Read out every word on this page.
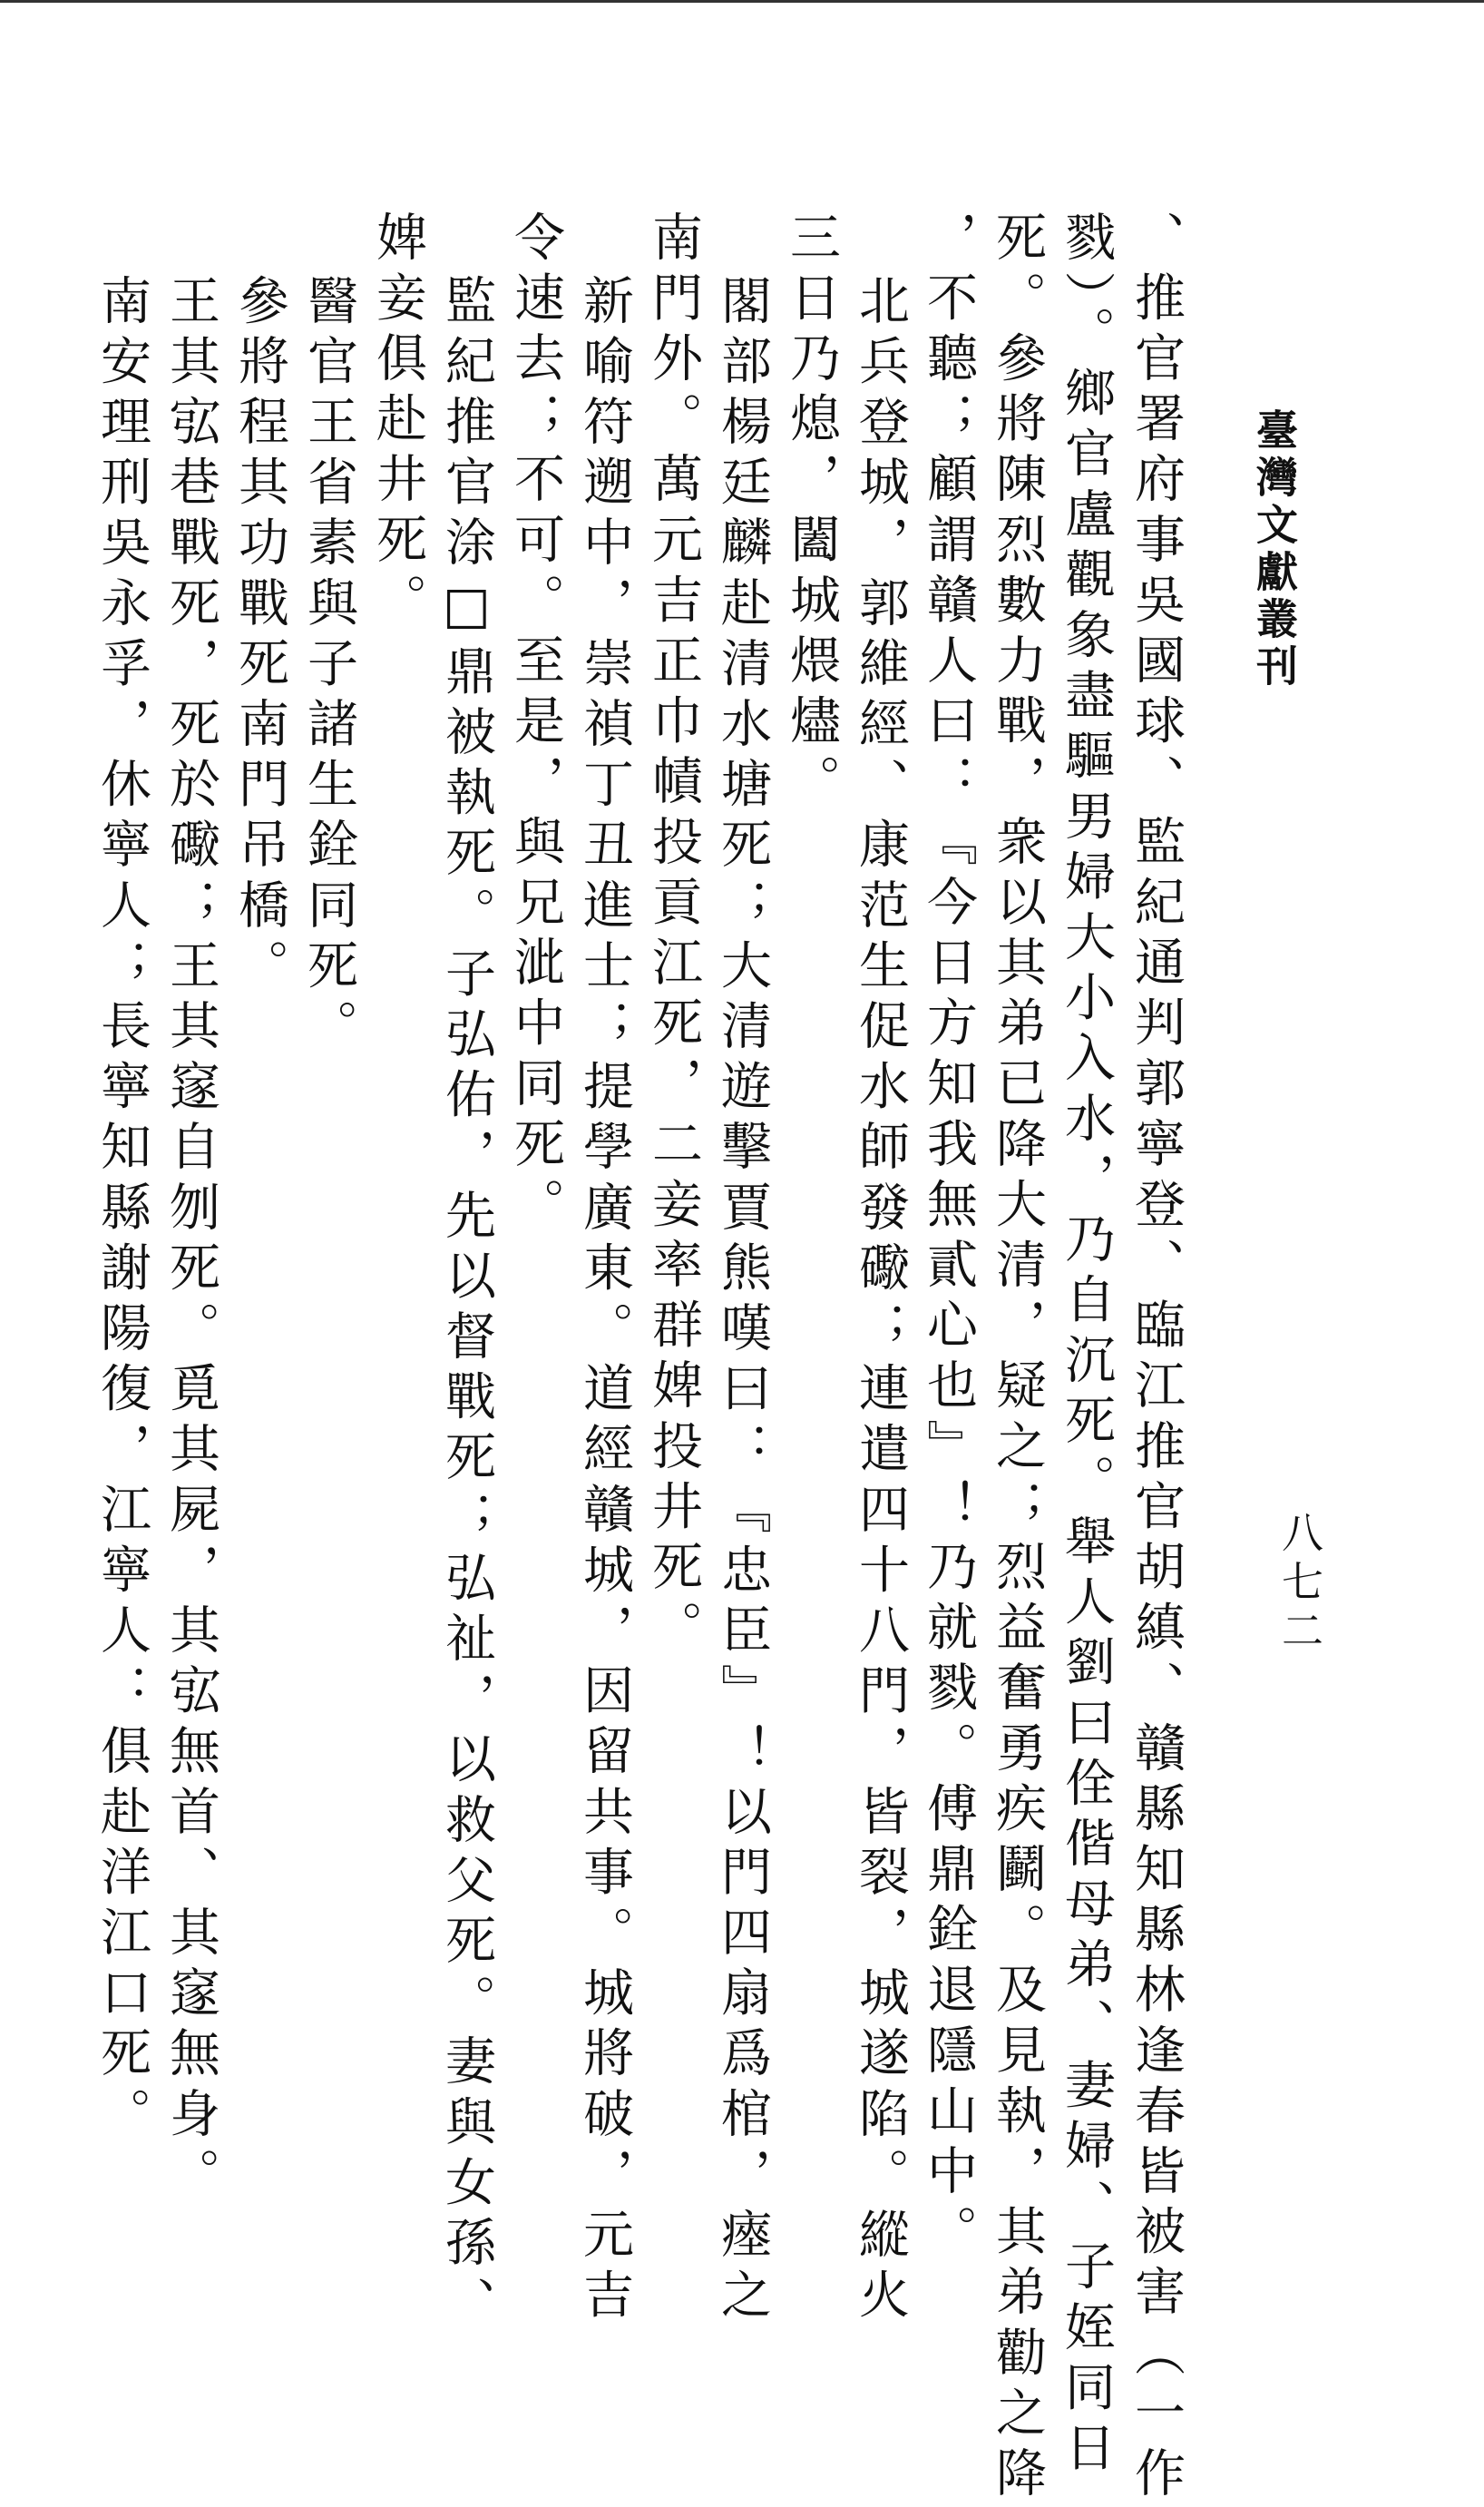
臺灣文獻叢刊
八七二
、推官署府事吳國球、監紀通判郭寧登、臨江推官胡縝、贛縣知縣林逢春皆被害（一作
戮）。鄉官盧觀象盡驅男婦大小入水，乃自沉死。舉人劉曰佺偕母弟、妻婦、子姪同日
死。參將陳烈數力戰，衆以其弟已降大清，疑之；烈益奮勇疾鬬。及見執，其弟勸之降
，不聽；顧謂贛人曰：『今日方知我無貳心也』！乃就戮。傅鼎銓退隱山中。
北兵登城，郭維經、康范生促水師發礮；連遣四十八門，皆裂，城遂陷。縱火
三日乃熄，闔城煨燼。
閣部楊廷麟赴清水塘死；大清遊擊賈熊嘆曰：『忠臣』！以門四扇爲棺，瘞之
南門外。萬元吉正巾幘投貢江死，二妾率群婢投井死。
新喻符遡中，崇禎丁丑進士；提學廣東。道經贛城，因留共事。城將破，元吉
令速去；不可。至是，與兄泚中同死。
監紀推官涂□鼎被執死。子弘佑，先以督戰死；弘祉，以救父死。妻與女孫、
婢妾俱赴井死。
醫官王省素與子諸生銓同死。
參將程其功戰死南門吊橋。
王其宖巷戰死，死於礮；王其䆳自刎死。覓其屍，其宖無首、其䆳無身。
南安理刑吳永孚，休寧人；長寧知縣謝陽復，江寧人：俱赴洋江口死。
